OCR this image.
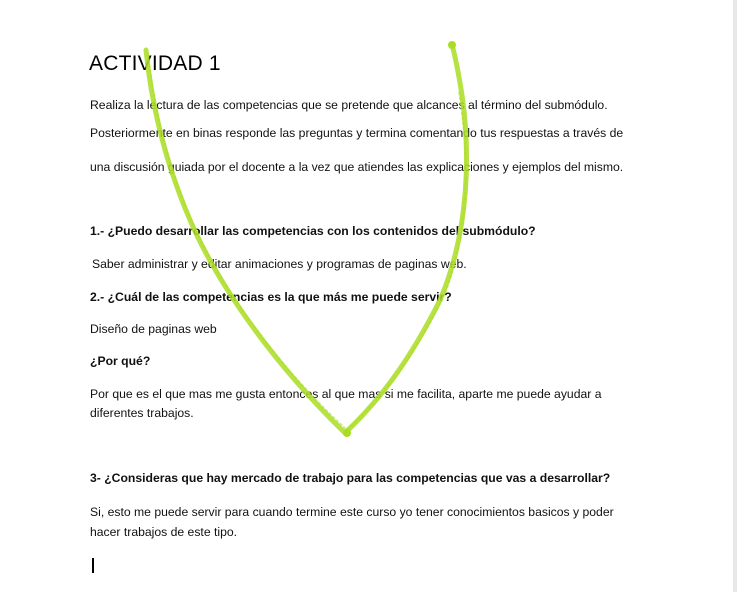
ACTIVIDAD 1
Realiza la lectura de las competencias que se pretende que alcances al término del submódulo.
Posteriormente en binas responde las preguntas y termina comentando tus respuestas a través de
una discusión guiada por el docente a la vez que atiendes las explicaciones y ejemplos del mismo.
1.- ¿Puedo desarrollar las competencias con los contenidos del submódulo?
Saber administrar y editar animaciones y programas de paginas web.
2.- ¿Cuál de las competencias es la que más me puede servir?
Diseño de paginas web
¿Por qué?
Por que es el que mas me gusta entonces al que mas si me facilita, aparte me puede ayudar a
diferentes trabajos.
3- ¿Consideras que hay mercado de trabajo para las competencias que vas a desarrollar?
Si, esto me puede servir para cuando termine este curso yo tener conocimientos basicos y poder
hacer trabajos de este tipo.
